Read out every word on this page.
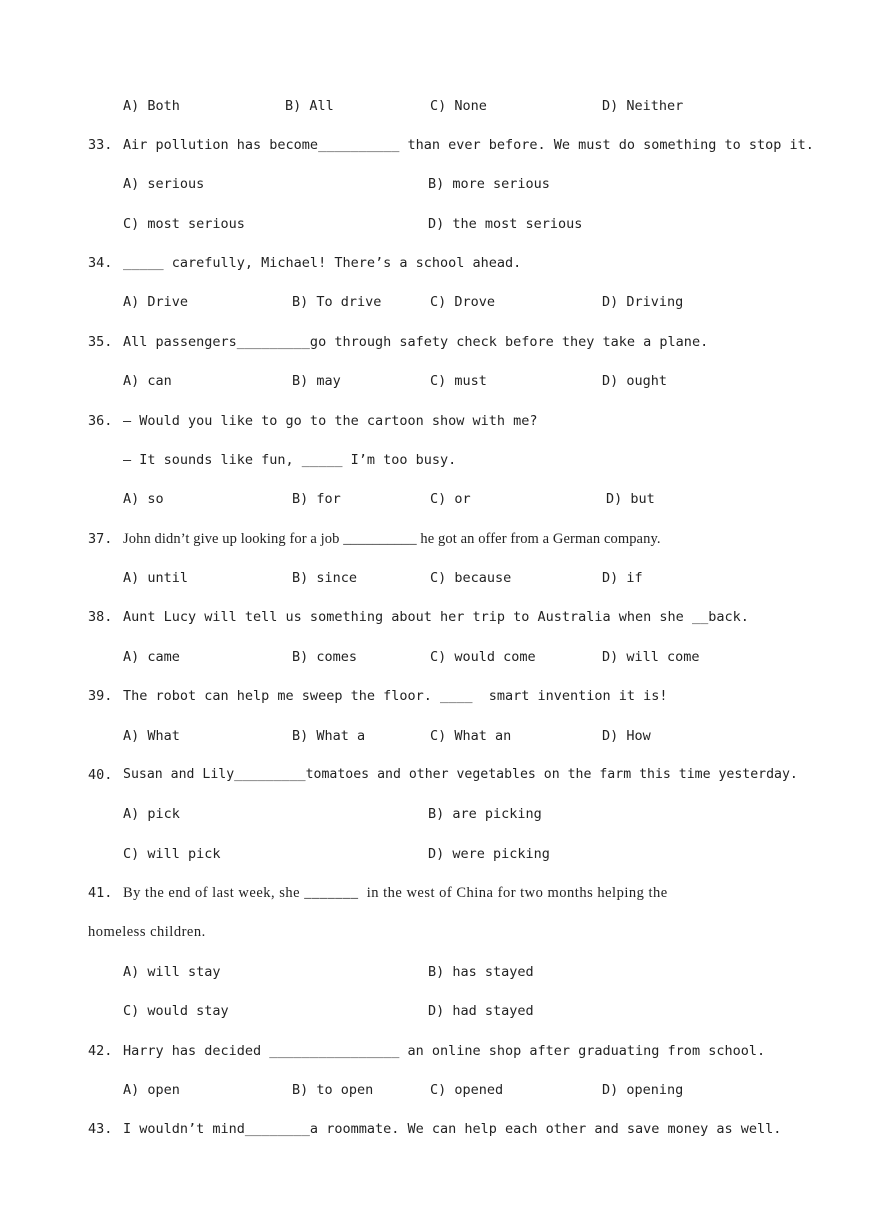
A) Both	B) All	C) None	D) Neither
33. Air pollution has become__________ than ever before. We must do something to stop it.
A) serious	B) more serious
C) most serious	D) the most serious
34. _____ carefully, Michael! There’s a school ahead.
A) Drive	B) To drive	C) Drove	D) Driving
35. All passengers_________go through safety check before they take a plane.
A) can	B) may	C) must	D) ought
36. — Would you like to go to the cartoon show with me?
— It sounds like fun, _____ I’m too busy.
A) so	B) for	C) or	D) but
37. John didn’t give up looking for a job __________ he got an offer from a German company.
A) until	B) since	C) because	D) if
38. Aunt Lucy will tell us something about her trip to Australia when she __back.
A) came	B) comes	C) would come	D) will come
39. The robot can help me sweep the floor. ____  smart invention it is!
A) What	B) What a	C) What an	D) How
40. Susan and Lily_________tomatoes and other vegetables on the farm this time yesterday.
A) pick	B) are picking
C) will pick	D) were picking
41. By the end of last week, she _______  in the west of China for two months helping the
homeless children.
A) will stay	B) has stayed
C) would stay	D) had stayed
42. Harry has decided ________________ an online shop after graduating from school.
A) open	B) to open	C) opened	D) opening
43. I wouldn’t mind________a roommate. We can help each other and save money as well.
